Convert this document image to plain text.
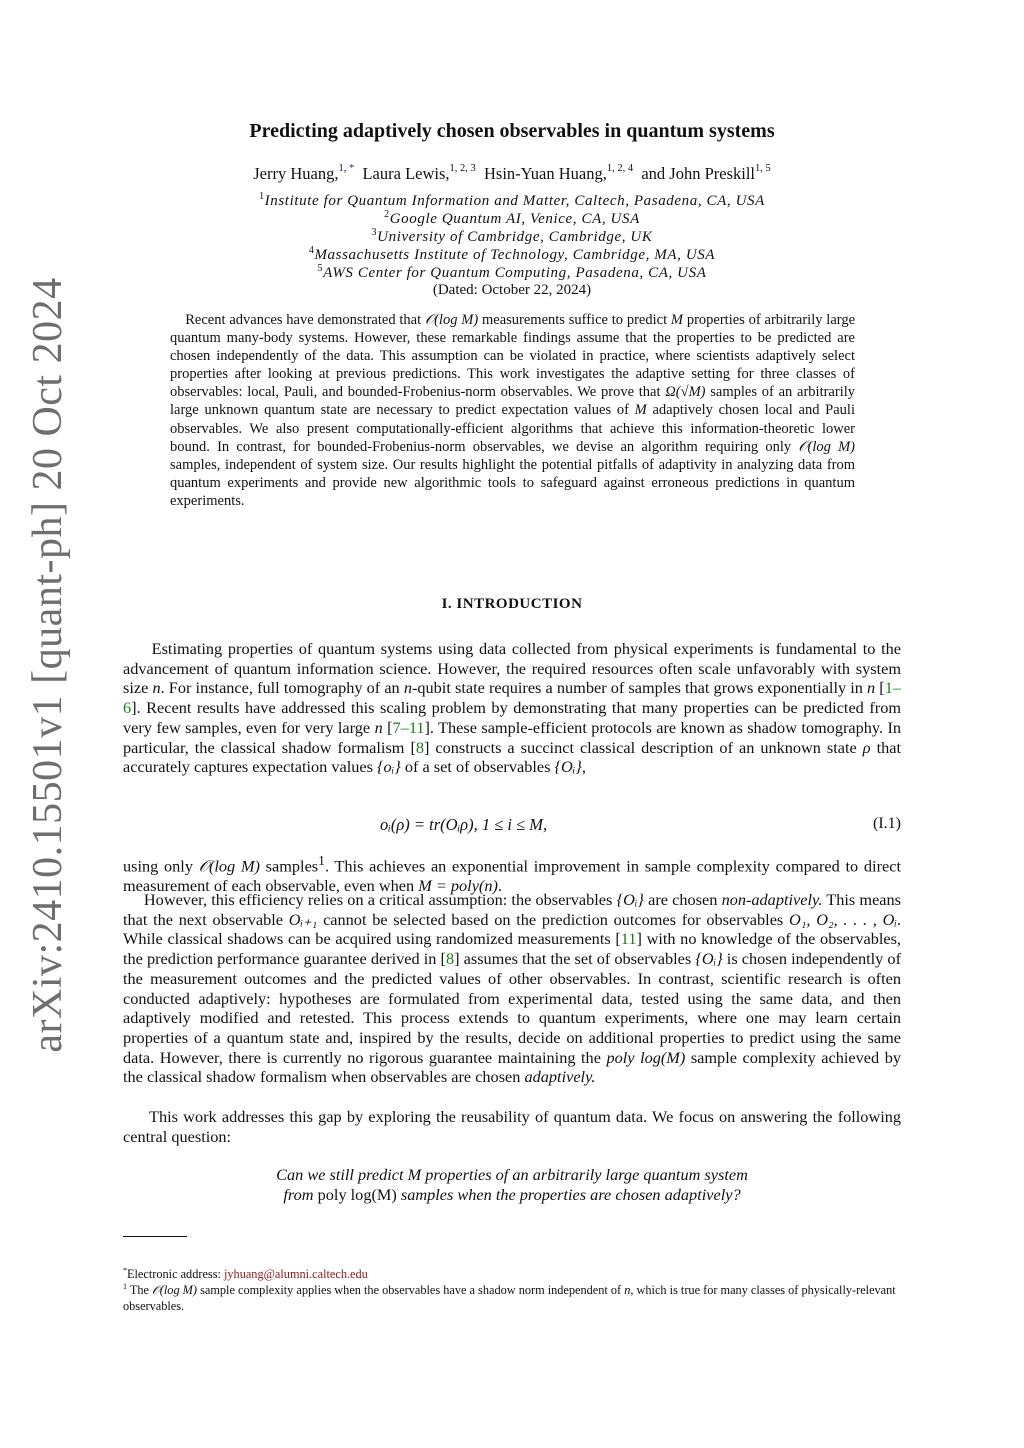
arXiv:2410.15501v1 [quant-ph] 20 Oct 2024
Predicting adaptively chosen observables in quantum systems
Jerry Huang,$^{1,}$ * Laura Lewis,$^{1, 2, 3}$ Hsin-Yuan Huang,$^{1, 2, 4}$ and John Preskill$^{1, 5}$
$^1$Institute for Quantum Information and Matter, Caltech, Pasadena, CA, USA
$^2$Google Quantum AI, Venice, CA, USA
$^3$University of Cambridge, Cambridge, UK
$^4$Massachusetts Institute of Technology, Cambridge, MA, USA
$^5$AWS Center for Quantum Computing, Pasadena, CA, USA
(Dated: October 22, 2024)
Recent advances have demonstrated that 𝒪(log M) measurements suffice to predict M properties of arbitrarily large quantum many-body systems. However, these remarkable findings assume that the properties to be predicted are chosen independently of the data. This assumption can be violated in practice, where scientists adaptively select properties after looking at previous predictions. This work investigates the adaptive setting for three classes of observables: local, Pauli, and bounded-Frobenius-norm observables. We prove that Ω(√M) samples of an arbitrarily large unknown quantum state are necessary to predict expectation values of M adaptively chosen local and Pauli observables. We also present computationally-efficient algorithms that achieve this information-theoretic lower bound. In contrast, for bounded-Frobenius-norm observables, we devise an algorithm requiring only 𝒪(log M) samples, independent of system size. Our results highlight the potential pitfalls of adaptivity in analyzing data from quantum experiments and provide new algorithmic tools to safeguard against erroneous predictions in quantum experiments.
I. INTRODUCTION
Estimating properties of quantum systems using data collected from physical experiments is fundamental to the advancement of quantum information science. However, the required resources often scale unfavorably with system size n. For instance, full tomography of an n-qubit state requires a number of samples that grows exponentially in n [1–6]. Recent results have addressed this scaling problem by demonstrating that many properties can be predicted from very few samples, even for very large n [7–11]. These sample-efficient protocols are known as shadow tomography. In particular, the classical shadow formalism [8] constructs a succinct classical description of an unknown state ρ that accurately captures expectation values {oᵢ} of a set of observables {Oᵢ},
oᵢ(ρ) = tr(Oᵢρ), 1 ≤ i ≤ M,	(I.1)
using only 𝒪(log M) samples$^1$. This achieves an exponential improvement in sample complexity compared to direct measurement of each observable, even when M = poly(n).
However, this efficiency relies on a critical assumption: the observables {Oᵢ} are chosen non-adaptively. This means that the next observable Oᵢ₊₁ cannot be selected based on the prediction outcomes for observables O₁, O₂, . . . , Oᵢ. While classical shadows can be acquired using randomized measurements [11] with no knowledge of the observables, the prediction performance guarantee derived in [8] assumes that the set of observables {Oᵢ} is chosen independently of the measurement outcomes and the predicted values of other observables. In contrast, scientific research is often conducted adaptively: hypotheses are formulated from experimental data, tested using the same data, and then adaptively modified and retested. This process extends to quantum experiments, where one may learn certain properties of a quantum state and, inspired by the results, decide on additional properties to predict using the same data. However, there is currently no rigorous guarantee maintaining the poly log(M) sample complexity achieved by the classical shadow formalism when observables are chosen adaptively.
This work addresses this gap by exploring the reusability of quantum data. We focus on answering the following central question:
Can we still predict M properties of an arbitrarily large quantum system
from poly log(M) samples when the properties are chosen adaptively?
*Electronic address: jyhuang@alumni.caltech.edu
$^1$ The 𝒪(log M) sample complexity applies when the observables have a shadow norm independent of n, which is true for many classes of physically-relevant observables.
